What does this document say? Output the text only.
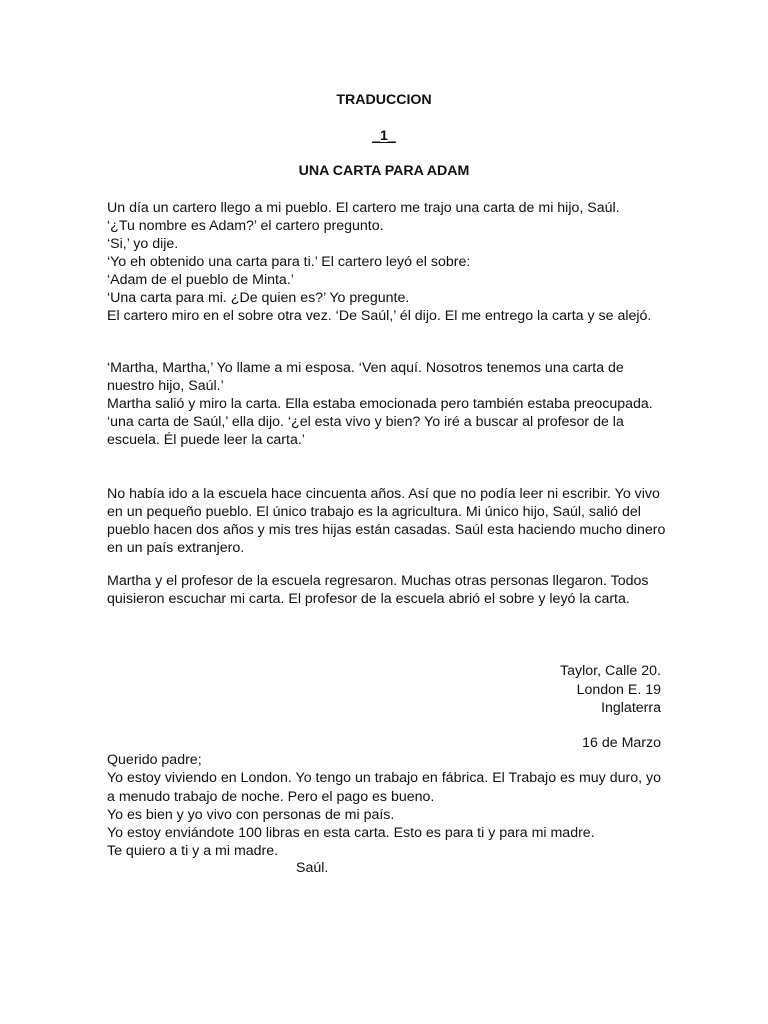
TRADUCCION
_1_
UNA CARTA PARA ADAM

Un día un cartero llego a mi pueblo. El cartero me trajo una carta de mi hijo, Saúl.

‘¿Tu nombre es Adam?’ el cartero pregunto.

‘Si,’ yo dije.

‘Yo eh obtenido una carta para ti.’ El cartero leyó el sobre:

‘Adam de el pueblo de Minta.’

‘Una carta para mi. ¿De quien es?’ Yo pregunte.

El cartero miro en el sobre otra vez. ‘De Saúl,’ él dijo. El me entrego la carta y se alejó.

‘Martha, Martha,’ Yo llame a mi esposa. ‘Ven aquí. Nosotros tenemos una carta de nuestro hijo, Saúl.’

Martha salió y miro la carta. Ella estaba emocionada pero también estaba preocupada.

‘una carta de Saúl,’ ella dijo. ‘¿el esta vivo y bien? Yo iré a buscar al profesor de la escuela. Él puede leer la carta.’

No había ido a la escuela hace cincuenta años. Así que no podía leer ni escribir. Yo vivo en un pequeño pueblo. El único trabajo es la agricultura. Mi único hijo, Saúl, salió del pueblo hacen dos años y mis tres hijas están casadas. Saúl esta haciendo mucho dinero en un país extranjero.

Martha y el profesor de la escuela regresaron. Muchas otras personas llegaron. Todos quisieron escuchar mi carta. El profesor de la escuela abrió el sobre y leyó la carta.

Taylor, Calle 20.
London E. 19
Inglaterra
16 de Marzo

Querido padre;

Yo estoy viviendo en London. Yo tengo un trabajo en fábrica. El Trabajo es muy duro, yo a menudo trabajo de noche. Pero el pago es bueno.

Yo es bien y yo vivo con personas de mi país.

Yo estoy enviándote 100 libras en esta carta. Esto es para ti y para mi madre.

Te quiero a ti y a mi madre.

Saúl.
